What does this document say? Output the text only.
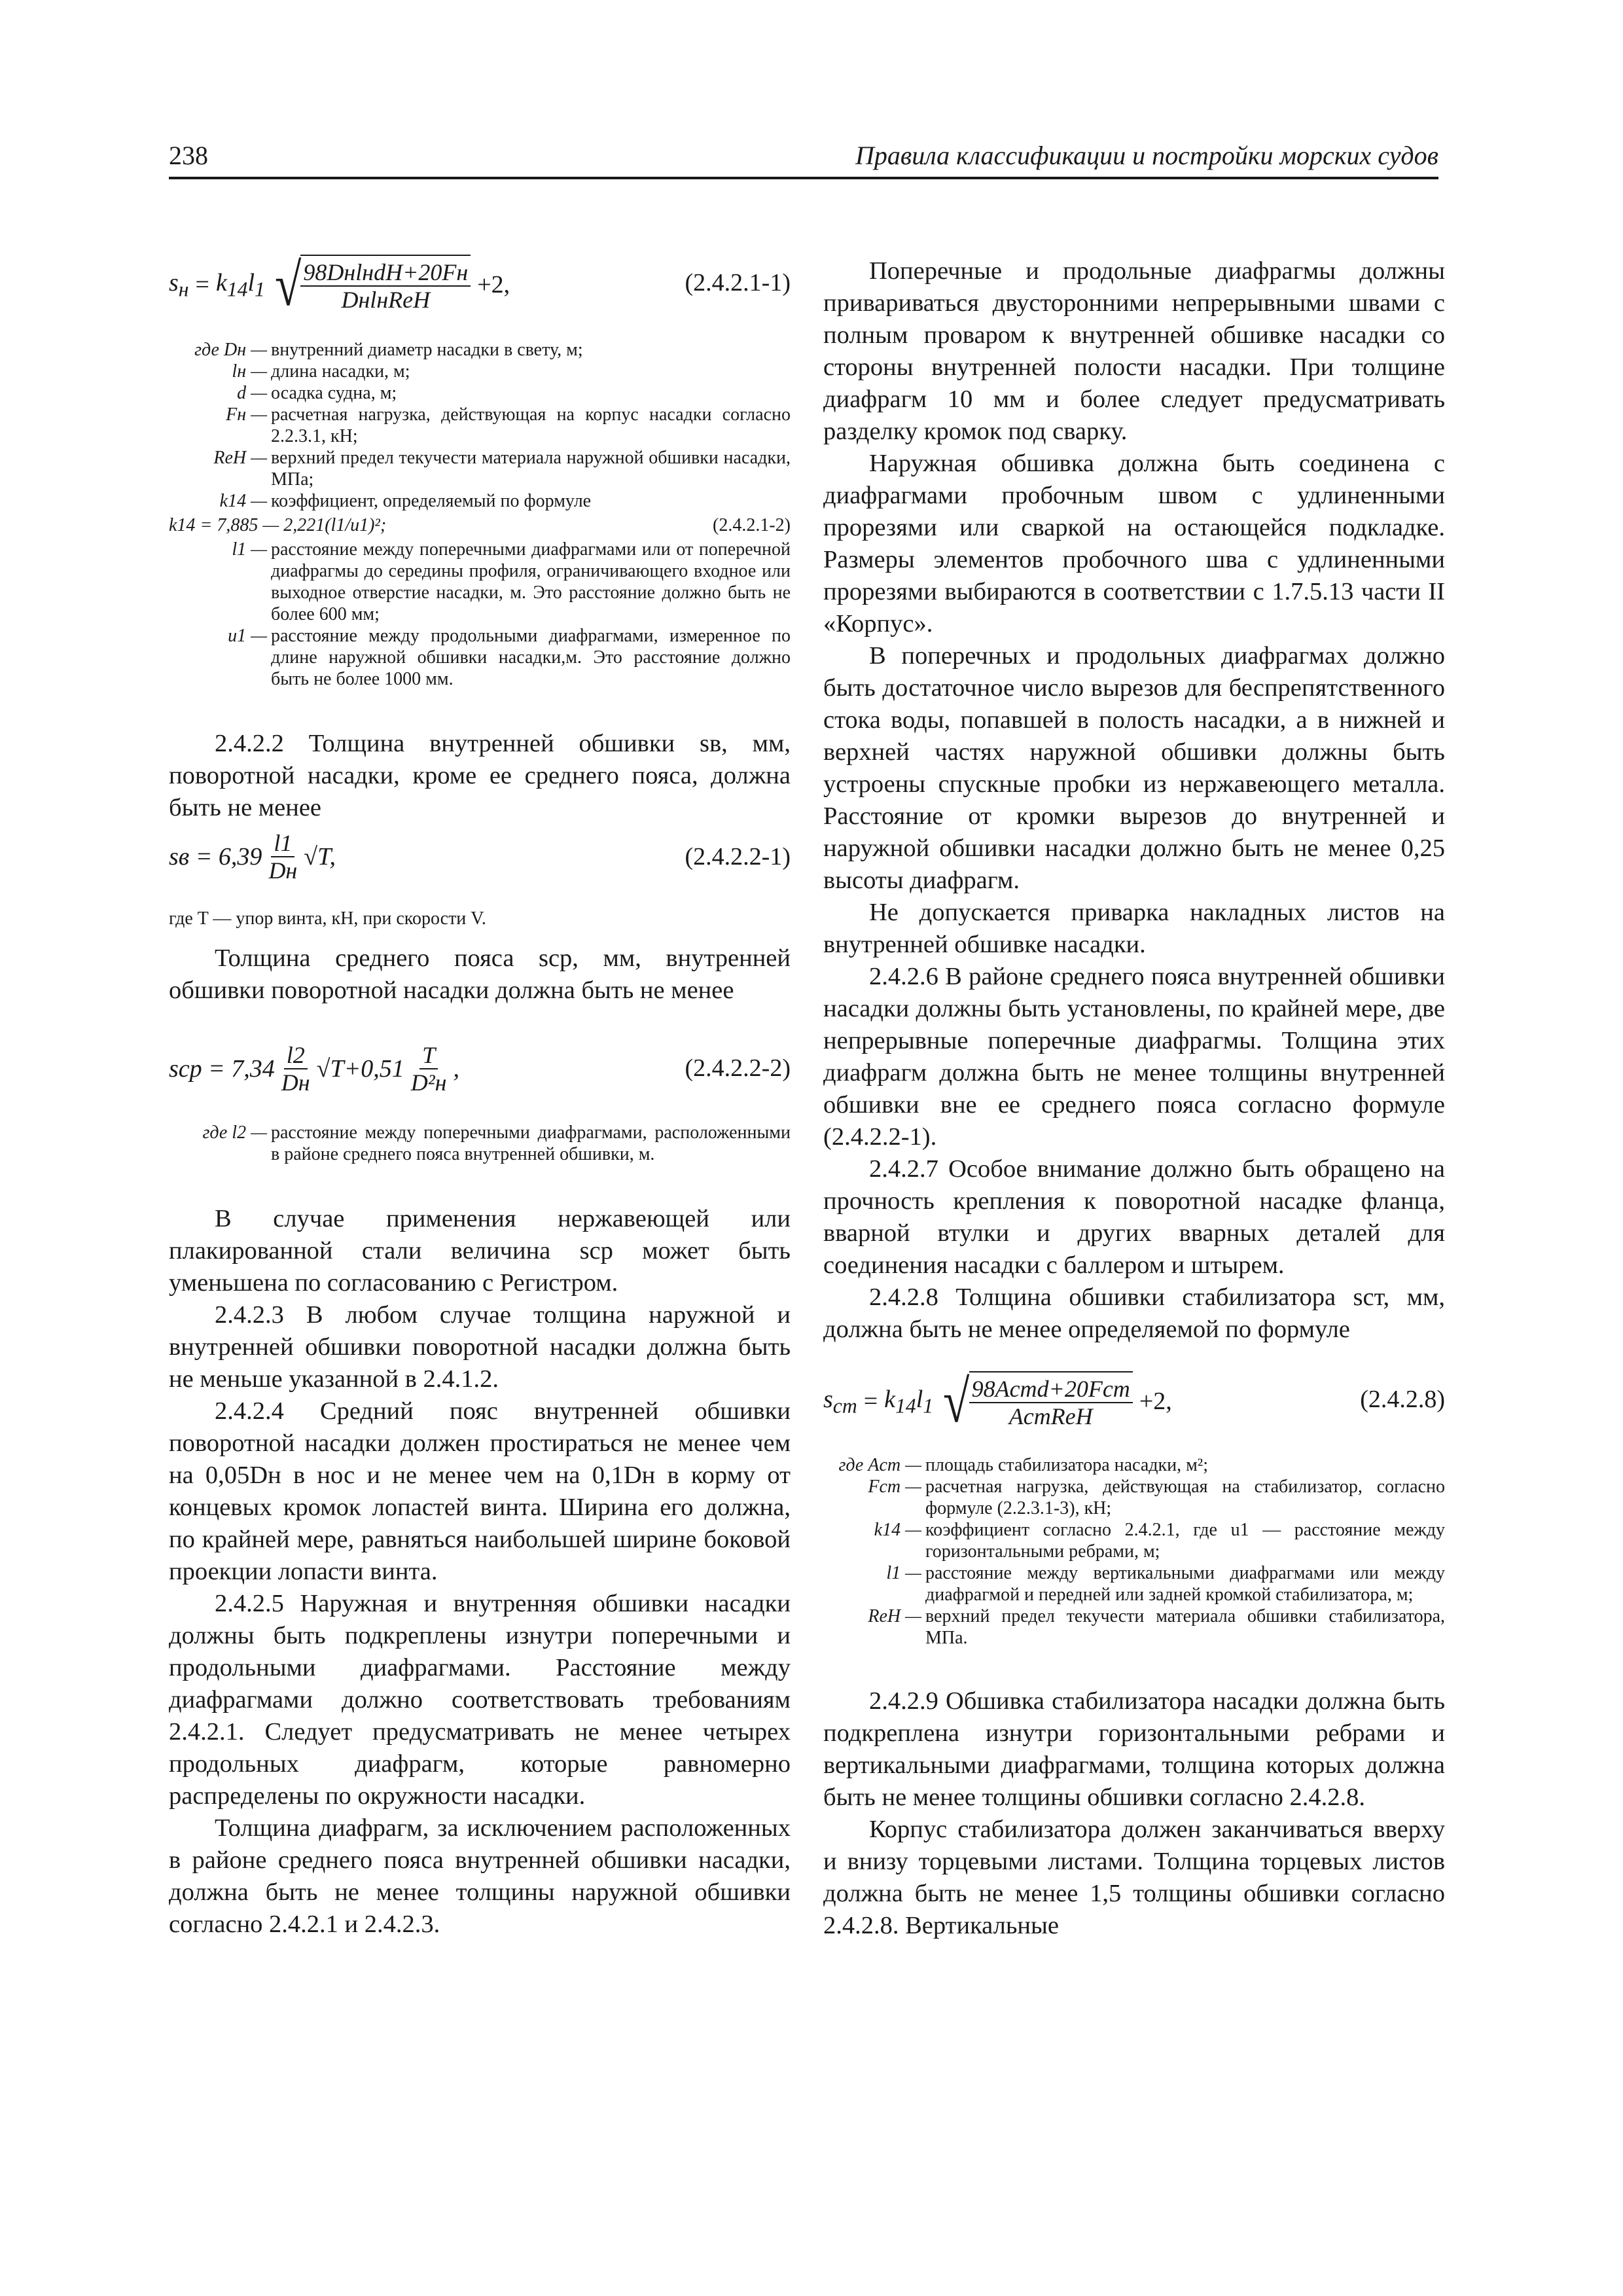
238	Правила классификации и постройки морских судов
$s_н = k_{14}l_1$ √ $\frac{\text{98DнlнdH+20Fн}}{\text{DнlнReH}} +2$,	(2.4.2.1-1)
где Dн — внутренний диаметр насадки в свету, м;
lн — длина насадки, м;
d — осадка судна, м;
Fн — расчетная нагрузка, действующая на корпус насадки согласно 2.2.3.1, кН;
ReH — верхний предел текучести материала наружной обшивки насадки, МПа;
k14 — коэффициент, определяемый по формуле
k14 = 7,885 — 2,221(l1/u1)²;	(2.4.2.1-2)
l1 — расстояние между поперечными диафрагмами или от поперечной диафрагмы до середины профиля, ограничивающего входное или выходное отверстие насадки, м. Это расстояние должно быть не более 600 мм;
u1 — расстояние между продольными диафрагмами, измеренное по длине наружной обшивки насадки,м. Это расстояние должно быть не более 1000 мм.

2.4.2.2 Толщина внутренней обшивки sв, мм, поворотной насадки, кроме ее среднего пояса, должна быть не менее

sв = $6,39 \frac{l1}{Dн} √T$,	(2.4.2.2-1)
где T — упор винта, кН, при скорости V.

Толщина среднего пояса sср, мм, внутренней обшивки поворотной насадки должна быть не менее

sср = $7,34 \frac{l2}{Dн} √T+0,51 \frac{T}{\text{D²н}}$ ,	(2.4.2.2-2)
где l2 — расстояние между поперечными диафрагмами, расположенными в районе среднего пояса внутренней обшивки, м.

В случае применения нержавеющей или плакированной стали величина sср может быть уменьшена по согласованию с Регистром.

2.4.2.3 В любом случае толщина наружной и внутренней обшивки поворотной насадки должна быть не меньше указанной в 2.4.1.2.

2.4.2.4 Средний пояс внутренней обшивки поворотной насадки должен простираться не менее чем на 0,05Dн в нос и не менее чем на 0,1Dн в корму от концевых кромок лопастей винта. Ширина его должна, по крайней мере, равняться наибольшей ширине боковой проекции лопасти винта.

2.4.2.5 Наружная и внутренняя обшивки насадки должны быть подкреплены изнутри поперечными и продольными диафрагмами. Расстояние между диафрагмами должно соответствовать требованиям 2.4.2.1. Следует предусматривать не менее четырех продольных диафрагм, которые равномерно распределены по окружности насадки.

Толщина диафрагм, за исключением расположенных в районе среднего пояса внутренней обшивки насадки, должна быть не менее толщины наружной обшивки согласно 2.4.2.1 и 2.4.2.3.

Поперечные и продольные диафрагмы должны привариваться двусторонними непрерывными швами с полным проваром к внутренней обшивке насадки со стороны внутренней полости насадки. При толщине диафрагм 10 мм и более следует предусматривать разделку кромок под сварку.

Наружная обшивка должна быть соединена с диафрагмами пробочным швом с удлиненными прорезями или сваркой на остающейся подкладке. Размеры элементов пробочного шва с удлиненными прорезями выбираются в соответствии с 1.7.5.13 части II «Корпус».

В поперечных и продольных диафрагмах должно быть достаточное число вырезов для беспрепятственного стока воды, попавшей в полость насадки, а в нижней и верхней частях наружной обшивки должны быть устроены спускные пробки из нержавеющего металла. Расстояние от кромки вырезов до внутренней и наружной обшивки насадки должно быть не менее 0,25 высоты диафрагм.

Не допускается приварка накладных листов на внутренней обшивке насадки.

2.4.2.6 В районе среднего пояса внутренней обшивки насадки должны быть установлены, по крайней мере, две непрерывные поперечные диафрагмы. Толщина этих диафрагм должна быть не менее толщины внутренней обшивки вне ее среднего пояса согласно формуле (2.4.2.2-1).

2.4.2.7 Особое внимание должно быть обращено на прочность крепления к поворотной насадке фланца, вварной втулки и других вварных деталей для соединения насадки с баллером и штырем.

2.4.2.8 Толщина обшивки стабилизатора sст, мм, должна быть не менее определяемой по формуле

$s_{ст} = k_{14}l_1$ √ $\frac{\text{98Aстd+20Fст}}{\text{AстReH}} +2$,	(2.4.2.8)
где Aст — площадь стабилизатора насадки, м²;
Fст — расчетная нагрузка, действующая на стабилизатор, согласно формуле (2.2.3.1-3), кН;
k14 — коэффициент согласно 2.4.2.1, где u1 — расстояние между горизонтальными ребрами, м;
l1 — расстояние между вертикальными диафрагмами или между диафрагмой и передней или задней кромкой стабилизатора, м;
ReH — верхний предел текучести материала обшивки стабилизатора, МПа.

2.4.2.9 Обшивка стабилизатора насадки должна быть подкреплена изнутри горизонтальными ребрами и вертикальными диафрагмами, толщина которых должна быть не менее толщины обшивки согласно 2.4.2.8.

Корпус стабилизатора должен заканчиваться вверху и внизу торцевыми листами. Толщина торцевых листов должна быть не менее 1,5 толщины обшивки согласно 2.4.2.8. Вертикальные
